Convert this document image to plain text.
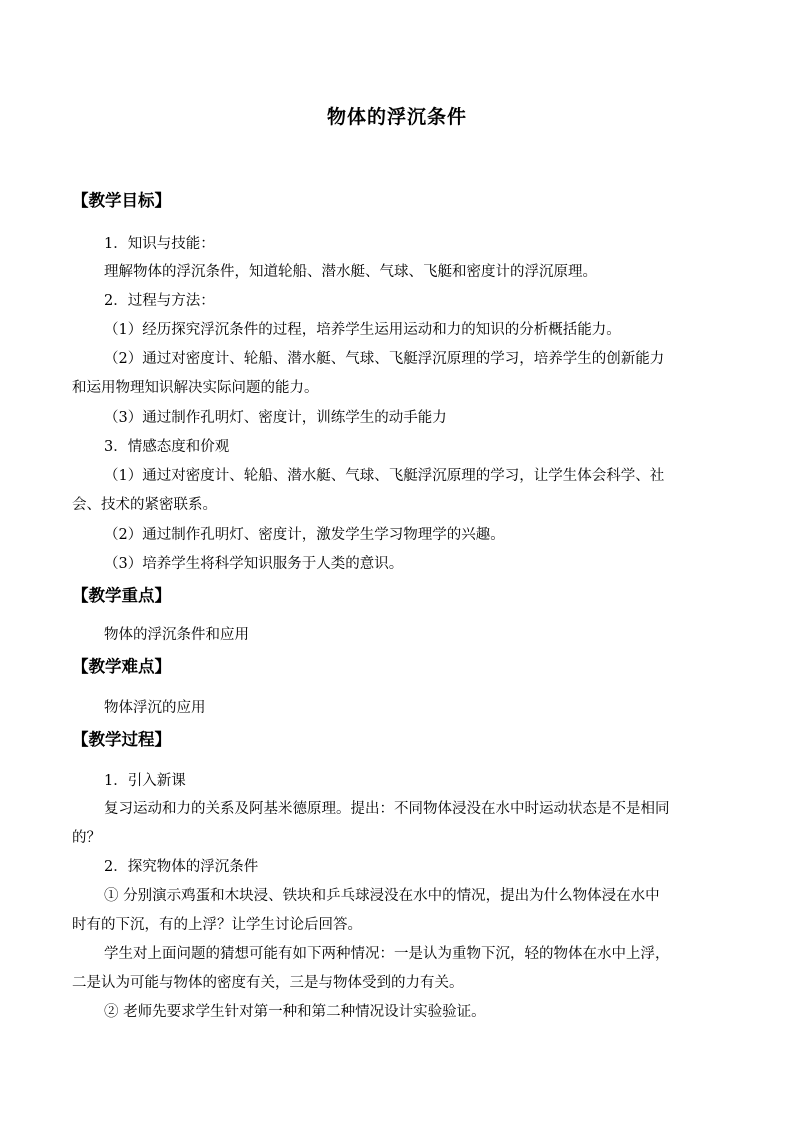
物体的浮沉条件
【教学目标】
1．知识与技能：
理解物体的浮沉条件，知道轮船、潜水艇、气球、飞艇和密度计的浮沉原理。
2．过程与方法：
（1）经历探究浮沉条件的过程，培养学生运用运动和力的知识的分析概括能力。
（2）通过对密度计、轮船、潜水艇、气球、飞艇浮沉原理的学习，培养学生的创新能力
和运用物理知识解决实际问题的能力。
（3）通过制作孔明灯、密度计，训练学生的动手能力
3．情感态度和价观
（1）通过对密度计、轮船、潜水艇、气球、飞艇浮沉原理的学习，让学生体会科学、社
会、技术的紧密联系。
（2）通过制作孔明灯、密度计，激发学生学习物理学的兴趣。
（3）培养学生将科学知识服务于人类的意识。
【教学重点】
物体的浮沉条件和应用
【教学难点】
物体浮沉的应用
【教学过程】
1．引入新课
复习运动和力的关系及阿基米德原理。提出：不同物体浸没在水中时运动状态是不是相同
的？
2．探究物体的浮沉条件
① 分别演示鸡蛋和木块浸、铁块和乒乓球浸没在水中的情况，提出为什么物体浸在水中
时有的下沉，有的上浮？让学生讨论后回答。
学生对上面问题的猜想可能有如下两种情况：一是认为重物下沉，轻的物体在水中上浮，
二是认为可能与物体的密度有关，三是与物体受到的力有关。
② 老师先要求学生针对第一种和第二种情况设计实验验证。
